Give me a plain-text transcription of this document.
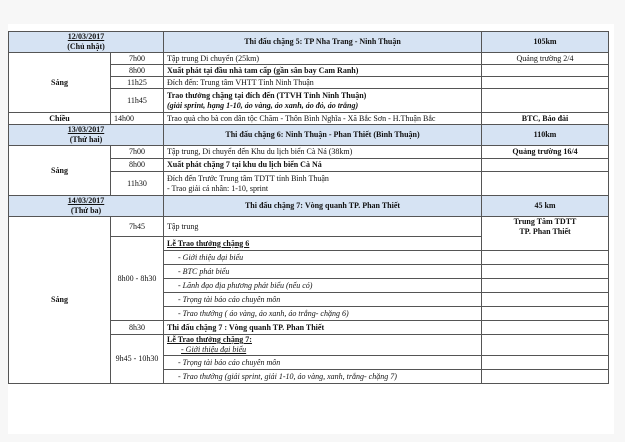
12/03/2017
(Chủ nhật)		Thi đấu chặng 5: TP Nha Trang - Ninh Thuận	105km
Sáng	7h00	Tập trung Di chuyển (25km)	Quảng trường 2/4
	8h00	Xuất phát tại đầu nhà tam cấp (gần sân bay Cam Ranh)	
	11h25	Đích đến: Trung tâm VHTT Tỉnh Ninh Thuận	
	11h45	Trao thưởng chặng tại đích đến (TTVH Tỉnh Ninh Thuận)
(giải sprint, hạng 1-10, áo vàng, áo xanh, áo đỏ, áo trắng)	

Chiều	14h00	Trao quà cho bà con dân tộc Chăm - Thôn Bình Nghĩa - Xã Bắc Sơn - H.Thuận Bắc	BTC, Báo đài

13/03/2017
(Thứ hai)		Thi đấu chặng 6: Ninh Thuận - Phan Thiết (Bình Thuận)	110km
Sáng	7h00	Tập trung, Di chuyển đến Khu du lịch biển Cà Ná (38km)	Quảng trường 16/4
	8h00	Xuất phát chặng 7 tại khu du lịch biển Cà Ná	
	11h30	Đích đến Trước Trung tâm TDTT tỉnh Bình Thuận
- Trao giải cá nhân: 1-10, sprint	

14/03/2017
(Thứ ba)		Thi đấu chặng 7: Vòng quanh TP. Phan Thiết	45 km
Sáng	7h45	Tập trung	Trung Tâm TDTT
TP. Phan Thiết

	8h00 - 8h30	Lễ Trao thưởng chặng 6	
		- Giới thiệu đại biểu	
		- BTC phát biểu	
		- Lãnh đạo địa phương phát biểu (nếu có)	
		- Trọng tài báo cáo chuyên môn	
		- Trao thưởng ( áo vàng, áo xanh, áo trắng- chặng 6)	
	8h30	Thi đấu chặng 7 : Vòng quanh TP. Phan Thiết	
	9h45 - 10h30	Lễ Trao thưởng chặng 7:
- Giới thiệu đại biểu	

		- Trọng tài báo cáo chuyên môn	
		- Trao thưởng (giải sprint, giải 1-10, áo vàng, xanh, trắng- chặng 7)	
